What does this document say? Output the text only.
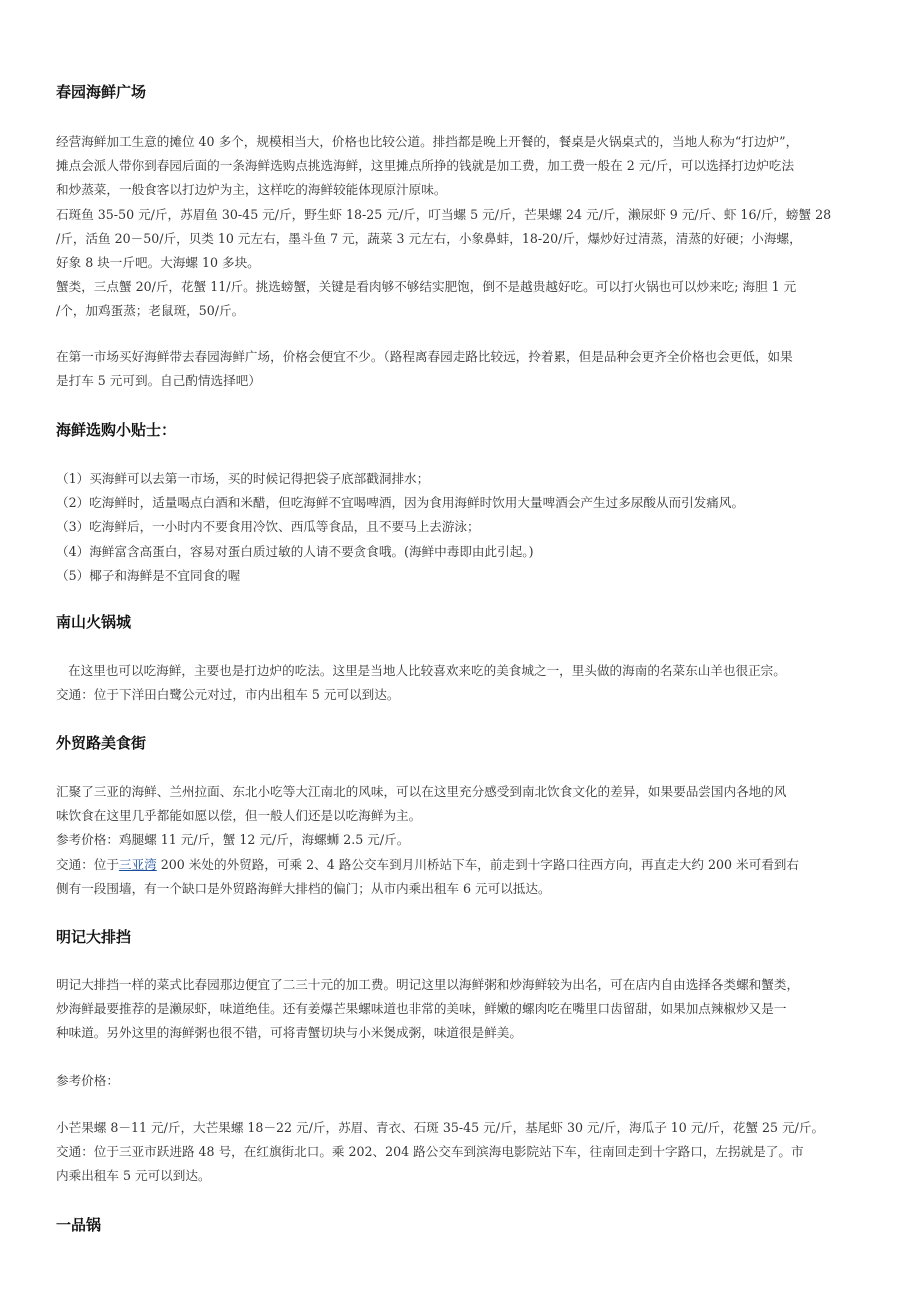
春园海鲜广场
经营海鲜加工生意的摊位 40 多个，规模相当大，价格也比较公道。排挡都是晚上开餐的，餐桌是火锅桌式的，当地人称为“打边炉”，
摊点会派人带你到春园后面的一条海鲜选购点挑选海鲜，这里摊点所挣的钱就是加工费，加工费一般在 2 元/斤，可以选择打边炉吃法
和炒蒸菜，一般食客以打边炉为主，这样吃的海鲜较能体现原汁原味。
石斑鱼 35-50 元/斤，苏眉鱼 30-45 元/斤，野生虾 18-25 元/斤，叮当螺 5 元/斤，芒果螺 24 元/斤，濑尿虾 9 元/斤、虾 16/斤，螃蟹 28
/斤，活鱼 20－50/斤，贝类 10 元左右，墨斗鱼 7 元，蔬菜 3 元左右，小象鼻蚌，18-20/斤，爆炒好过清蒸，清蒸的好硬；小海螺，
好象 8 块一斤吧。大海螺 10 多块。
蟹类，三点蟹 20/斤，花蟹 11/斤。挑选螃蟹，关键是看肉够不够结实肥饱，倒不是越贵越好吃。可以打火锅也可以炒来吃; 海胆 1 元
/个，加鸡蛋蒸；老鼠斑，50/斤。
在第一市场买好海鲜带去春园海鲜广场，价格会便宜不少。（路程离春园走路比较远，拎着累，但是品种会更齐全价格也会更低，如果
是打车 5 元可到。自己酌情选择吧）
海鲜选购小贴士：
（1）买海鲜可以去第一市场，买的时候记得把袋子底部戳洞排水；
（2）吃海鲜时，适量喝点白酒和米醋，但吃海鲜不宜喝啤酒，因为食用海鲜时饮用大量啤酒会产生过多尿酸从而引发痛风。
（3）吃海鲜后，一小时内不要食用冷饮、西瓜等食品，且不要马上去游泳；
（4）海鲜富含高蛋白，容易对蛋白质过敏的人请不要贪食哦。(海鲜中毒即由此引起。)
（5）椰子和海鲜是不宜同食的喔
南山火锅城
在这里也可以吃海鲜，主要也是打边炉的吃法。这里是当地人比较喜欢来吃的美食城之一，里头做的海南的名菜东山羊也很正宗。
交通：位于下洋田白鹭公元对过，市内出租车 5 元可以到达。
外贸路美食街
汇聚了三亚的海鲜、兰州拉面、东北小吃等大江南北的风味，可以在这里充分感受到南北饮食文化的差异，如果要品尝国内各地的风
味饮食在这里几乎都能如愿以偿，但一般人们还是以吃海鲜为主。
参考价格：鸡腿螺 11 元/斤，蟹 12 元/斤，海螺蛳 2.5 元/斤。
交通：位于三亚湾 200 米处的外贸路，可乘 2、4 路公交车到月川桥站下车，前走到十字路口往西方向，再直走大约 200 米可看到右
侧有一段围墙，有一个缺口是外贸路海鲜大排档的偏门；从市内乘出租车 6 元可以抵达。
明记大排挡
明记大排挡一样的菜式比春园那边便宜了二三十元的加工费。明记这里以海鲜粥和炒海鲜较为出名，可在店内自由选择各类螺和蟹类，
炒海鲜最要推荐的是濑尿虾，味道绝佳。还有姜爆芒果螺味道也非常的美味，鲜嫩的螺肉吃在嘴里口齿留甜，如果加点辣椒炒又是一
种味道。另外这里的海鲜粥也很不错，可将青蟹切块与小米煲成粥，味道很是鲜美。
参考价格：
小芒果螺 8－11 元/斤，大芒果螺 18－22 元/斤，苏眉、青衣、石斑 35-45 元/斤，基尾虾 30 元/斤，海瓜子 10 元/斤，花蟹 25 元/斤。
交通：位于三亚市跃进路 48 号，在红旗街北口。乘 202、204 路公交车到滨海电影院站下车，往南回走到十字路口，左拐就是了。市
内乘出租车 5 元可以到达。
一品锅
